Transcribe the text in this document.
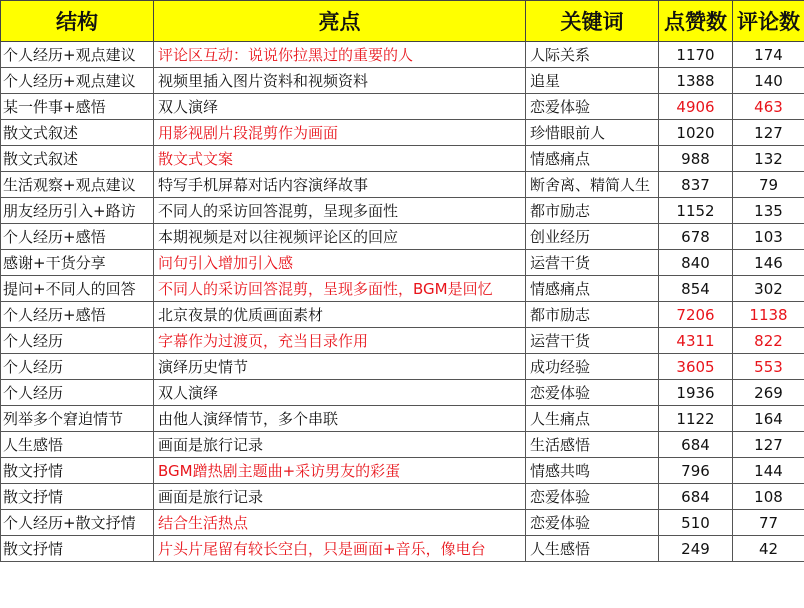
结构	亮点	关键词	点赞数	评论数
个人经历+观点建议	评论区互动：说说你拉黑过的重要的人	人际关系	1170	174
个人经历+观点建议	视频里插入图片资料和视频资料	追星	1388	140
某一件事+感悟	双人演绎	恋爱体验	4906	463
散文式叙述	用影视剧片段混剪作为画面	珍惜眼前人	1020	127
散文式叙述	散文式文案	情感痛点	988	132
生活观察+观点建议	特写手机屏幕对话内容演绎故事	断舍离、精简人生	837	79
朋友经历引入+路访	不同人的采访回答混剪，呈现多面性	都市励志	1152	135
个人经历+感悟	本期视频是对以往视频评论区的回应	创业经历	678	103
感谢+干货分享	问句引入增加引入感	运营干货	840	146
提问+不同人的回答	不同人的采访回答混剪，呈现多面性，BGM是回忆	情感痛点	854	302
个人经历+感悟	北京夜景的优质画面素材	都市励志	7206	1138
个人经历	字幕作为过渡页，充当目录作用	运营干货	4311	822
个人经历	演绎历史情节	成功经验	3605	553
个人经历	双人演绎	恋爱体验	1936	269
列举多个窘迫情节	由他人演绎情节，多个串联	人生痛点	1122	164
人生感悟	画面是旅行记录	生活感悟	684	127
散文抒情	BGM蹭热剧主题曲+采访男友的彩蛋	情感共鸣	796	144
散文抒情	画面是旅行记录	恋爱体验	684	108
个人经历+散文抒情	结合生活热点	恋爱体验	510	77
散文抒情	片头片尾留有较长空白，只是画面+音乐，像电台	人生感悟	249	42
